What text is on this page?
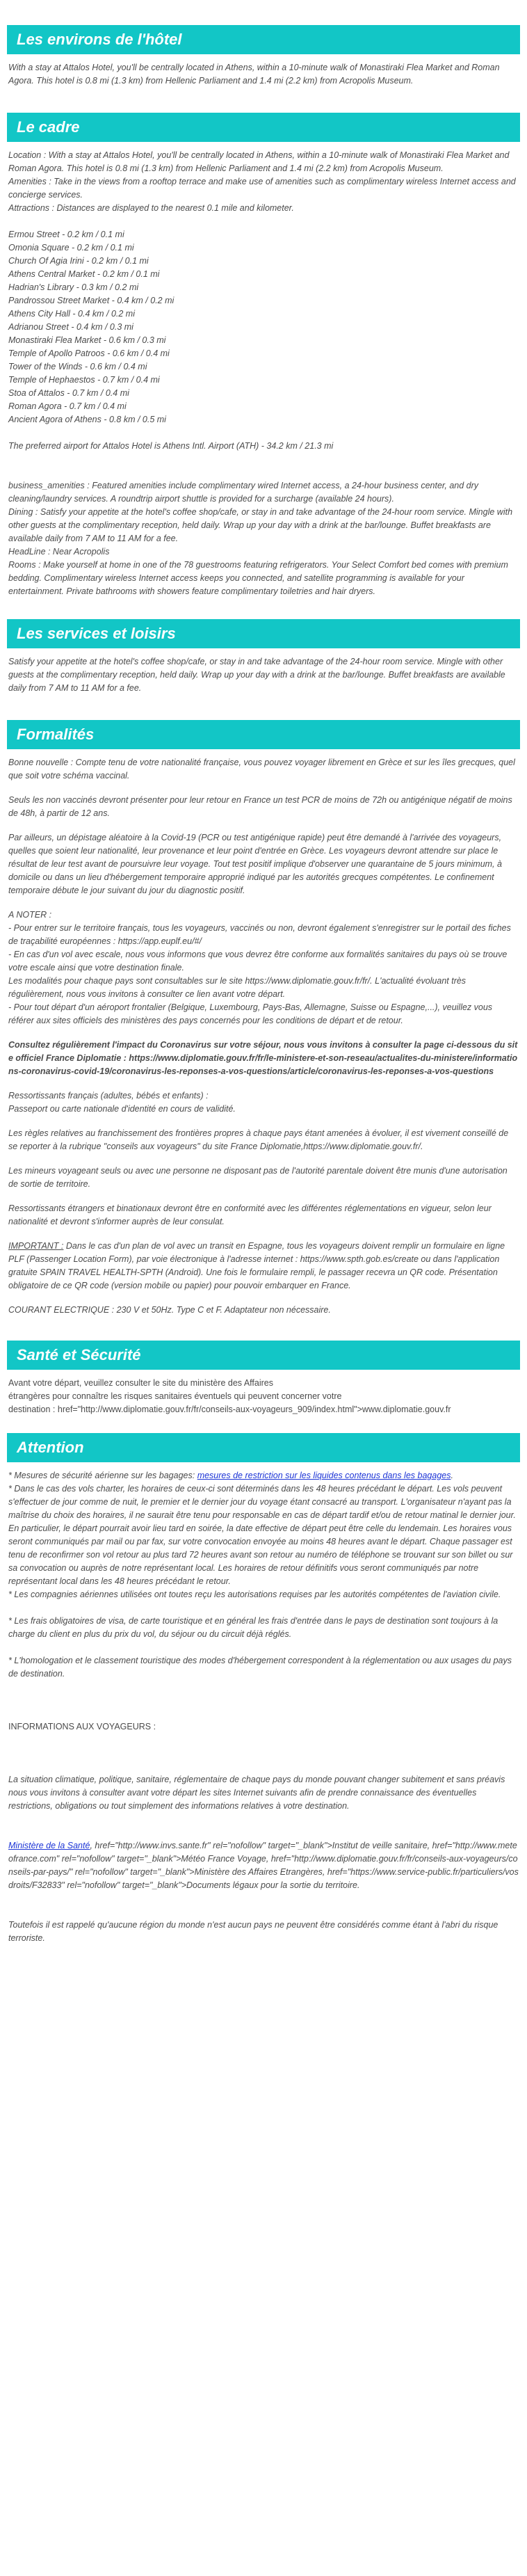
Les environs de l'hôtel

With a stay at Attalos Hotel, you'll be centrally located in Athens, within a 10-minute walk of Monastiraki Flea Market and Roman Agora. This hotel is 0.8 mi (1.3 km) from Hellenic Parliament and 1.4 mi (2.2 km) from Acropolis Museum.

Le cadre
Location : With a stay at Attalos Hotel, you'll be centrally located in Athens, within a 10-minute walk of Monastiraki Flea Market and Roman Agora. This hotel is 0.8 mi (1.3 km) from Hellenic Parliament and 1.4 mi (2.2 km) from Acropolis Museum.
Amenities : Take in the views from a rooftop terrace and make use of amenities such as complimentary wireless Internet access and concierge services.
Attractions : Distances are displayed to the nearest 0.1 mile and kilometer.
Ermou Street - 0.2 km / 0.1 mi
Omonia Square - 0.2 km / 0.1 mi
Church Of Agia Irini - 0.2 km / 0.1 mi
Athens Central Market - 0.2 km / 0.1 mi
Hadrian's Library - 0.3 km / 0.2 mi
Pandrossou Street Market - 0.4 km / 0.2 mi
Athens City Hall - 0.4 km / 0.2 mi
Adrianou Street - 0.4 km / 0.3 mi
Monastiraki Flea Market - 0.6 km / 0.3 mi
Temple of Apollo Patroos - 0.6 km / 0.4 mi
Tower of the Winds - 0.6 km / 0.4 mi
Temple of Hephaestos - 0.7 km / 0.4 mi
Stoa of Attalos - 0.7 km / 0.4 mi
Roman Agora - 0.7 km / 0.4 mi
Ancient Agora of Athens - 0.8 km / 0.5 mi
The preferred airport for Attalos Hotel is Athens Intl. Airport (ATH) - 34.2 km / 21.3 mi
business_amenities : Featured amenities include complimentary wired Internet access, a 24-hour business center, and dry cleaning/laundry services. A roundtrip airport shuttle is provided for a surcharge (available 24 hours).
Dining : Satisfy your appetite at the hotel's coffee shop/cafe, or stay in and take advantage of the 24-hour room service. Mingle with other guests at the complimentary reception, held daily. Wrap up your day with a drink at the bar/lounge. Buffet breakfasts are available daily from 7 AM to 11 AM for a fee.
HeadLine : Near Acropolis
Rooms : Make yourself at home in one of the 78 guestrooms featuring refrigerators. Your Select Comfort bed comes with premium bedding. Complimentary wireless Internet access keeps you connected, and satellite programming is available for your entertainment. Private bathrooms with showers feature complimentary toiletries and hair dryers.
Les services et loisirs

Satisfy your appetite at the hotel's coffee shop/cafe, or stay in and take advantage of the 24-hour room service. Mingle with other guests at the complimentary reception, held daily. Wrap up your day with a drink at the bar/lounge. Buffet breakfasts are available daily from 7 AM to 11 AM for a fee.

Formalités

Bonne nouvelle : Compte tenu de votre nationalité française, vous pouvez voyager librement en Grèce et sur les îles grecques, quel que soit votre schéma vaccinal.

Seuls les non vaccinés devront présenter pour leur retour en France un test PCR de moins de 72h ou antigénique négatif de moins de 48h, à partir de 12 ans.

Par ailleurs, un dépistage aléatoire à la Covid-19 (PCR ou test antigénique rapide) peut être demandé à l'arrivée des voyageurs, quelles que soient leur nationalité, leur provenance et leur point d'entrée en Grèce. Les voyageurs devront attendre sur place le résultat de leur test avant de poursuivre leur voyage. Tout test positif implique d'observer une quarantaine de 5 jours minimum, à domicile ou dans un lieu d'hébergement temporaire approprié indiqué par les autorités grecques compétentes. Le confinement temporaire débute le jour suivant du jour du diagnostic positif.

A NOTER :
- Pour entrer sur le territoire français, tous les voyageurs, vaccinés ou non, devront également s'enregistrer sur le portail des fiches de traçabilité européennes : https://app.euplf.eu/#/
- En cas d'un vol avec escale, nous vous informons que vous devrez être conforme aux formalités sanitaires du pays où se trouve votre escale ainsi que votre destination finale.
Les modalités pour chaque pays sont consultables sur le site https://www.diplomatie.gouv.fr/fr/. L'actualité évoluant très régulièrement, nous vous invitons à consulter ce lien avant votre départ.
- Pour tout départ d'un aéroport frontalier (Belgique, Luxembourg, Pays-Bas, Allemagne, Suisse ou Espagne,...), veuillez vous référer aux sites officiels des ministères des pays concernés pour les conditions de départ et de retour.

Consultez régulièrement l'impact du Coronavirus sur votre séjour, nous vous invitons à consulter la page ci-dessous du site officiel France Diplomatie : https://www.diplomatie.gouv.fr/fr/le-ministere-et-son-reseau/actualites-du-ministere/informations-coronavirus-covid-19/coronavirus-les-reponses-a-vos-questions/article/coronavirus-les-reponses-a-vos-questions

Ressortissants français (adultes, bébés et enfants) :
Passeport ou carte nationale d'identité en cours de validité.

Les règles relatives au franchissement des frontières propres à chaque pays étant amenées à évoluer, il est vivement conseillé de se reporter à la rubrique "conseils aux voyageurs" du site France Diplomatie,https://www.diplomatie.gouv.fr/.

Les mineurs voyageant seuls ou avec une personne ne disposant pas de l'autorité parentale doivent être munis d'une autorisation de sortie de territoire.

Ressortissants étrangers et binationaux devront être en conformité avec les différentes réglementations en vigueur, selon leur nationalité et devront s'informer auprès de leur consulat.

IMPORTANT : Dans le cas d'un plan de vol avec un transit en Espagne, tous les voyageurs doivent remplir un formulaire en ligne PLF (Passenger Location Form), par voie électronique à l'adresse internet : https://www.spth.gob.es/create ou dans l'application gratuite SPAIN TRAVEL HEALTH-SPTH (Android). Une fois le formulaire rempli, le passager recevra un QR code. Présentation obligatoire de ce QR code (version mobile ou papier) pour pouvoir embarquer en France.

COURANT ELECTRIQUE : 230 V et 50Hz. Type C et F. Adaptateur non nécessaire.

Santé et Sécurité
Avant votre départ, veuillez consulter le site du ministère des Affaires
étrangères pour connaître les risques sanitaires éventuels qui peuvent concerner votre
destination : href="http://www.diplomatie.gouv.fr/fr/conseils-aux-voyageurs_909/index.html">www.diplomatie.gouv.fr
Attention
* Mesures de sécurité aérienne sur les bagages: mesures de restriction sur les liquides contenus dans les bagages.
* Dans le cas des vols charter, les horaires de ceux-ci sont déterminés dans les 48 heures précédant le départ. Les vols peuvent s'effectuer de jour comme de nuit, le premier et le dernier jour du voyage étant consacré au transport. L'organisateur n'ayant pas la maîtrise du choix des horaires, il ne saurait être tenu pour responsable en cas de départ tardif et/ou de retour matinal le dernier jour. En particulier, le départ pourrait avoir lieu tard en soirée, la date effective de départ peut être celle du lendemain. Les horaires vous seront communiqués par mail ou par fax, sur votre convocation envoyée au moins 48 heures avant le départ. Chaque passager est tenu de reconfirmer son vol retour au plus tard 72 heures avant son retour au numéro de téléphone se trouvant sur son billet ou sur sa convocation ou auprès de notre représentant local. Les horaires de retour définitifs vous seront communiqués par notre représentant local dans les 48 heures précédant le retour.
* Les compagnies aériennes utilisées ont toutes reçu les autorisations requises par les autorités compétentes de l'aviation civile.
* Les frais obligatoires de visa, de carte touristique et en général les frais d'entrée dans le pays de destination sont toujours à la charge du client en plus du prix du vol, du séjour ou du circuit déjà réglés.
* L'homologation et le classement touristique des modes d'hébergement correspondent à la réglementation ou aux usages du pays de destination.
INFORMATIONS AUX VOYAGEURS :
La situation climatique, politique, sanitaire, réglementaire de chaque pays du monde pouvant changer subitement et sans préavis nous vous invitons à consulter avant votre départ les sites Internet suivants afin de prendre connaissance des éventuelles restrictions, obligations ou tout simplement des informations relatives à votre destination.
Ministère de la Santé, href="http://www.invs.sante.fr" rel="nofollow" target="_blank">Institut de veille sanitaire, href="http://www.meteofrance.com" rel="nofollow" target="_blank">Météo France Voyage, href="http://www.diplomatie.gouv.fr/fr/conseils-aux-voyageurs/conseils-par-pays/" rel="nofollow" target="_blank">Ministère des Affaires Etrangères, href="https://www.service-public.fr/particuliers/vosdroits/F32833" rel="nofollow" target="_blank">Documents légaux pour la sortie du territoire.
Toutefois il est rappelé qu'aucune région du monde n'est aucun pays ne peuvent être considérés comme étant à l'abri du risque terroriste.
